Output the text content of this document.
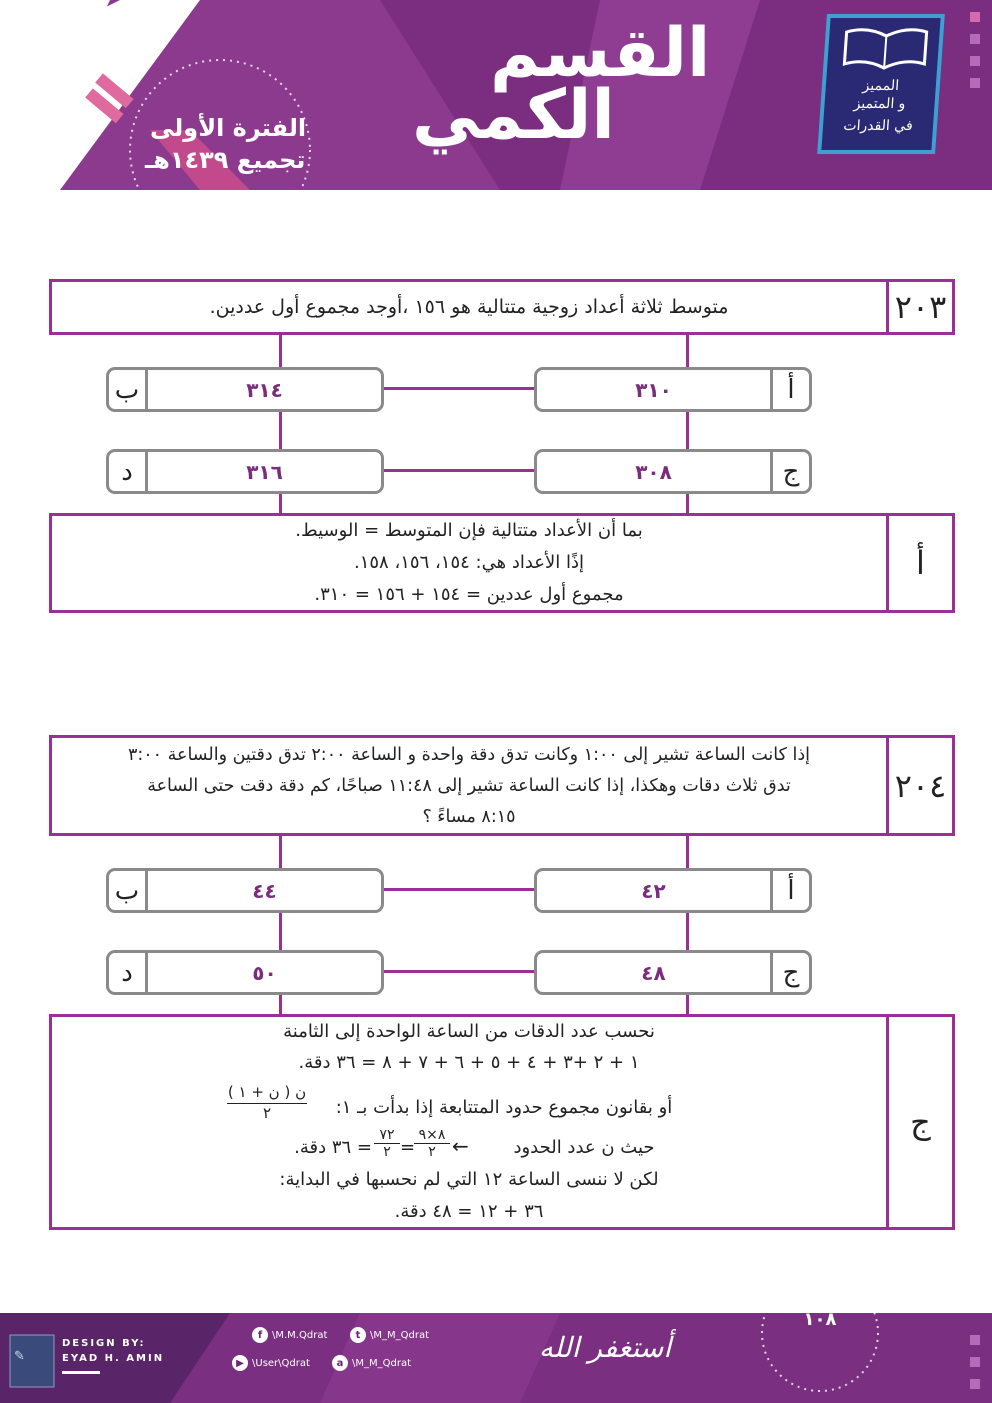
القسم
الكمي
الفترة الأولى
تجميع ١٤٣٩هـ
المميز
و المتميز
في القدرات
متوسط ثلاثة أعداد زوجية متتالية هو ١٥٦ ،أوجد مجموع أول عددين.	٢٠٣
٣١٠	أ
ب	٣١٤
٣٠٨	ج
د	٣١٦
بما أن الأعداد متتالية فإن المتوسط = الوسيط.
إذًا الأعداد هي: ١٥٤، ١٥٦، ١٥٨.
مجموع أول عددين = ١٥٤ + ١٥٦ = ٣١٠.
أ
إذا كانت الساعة تشير إلى ١:٠٠ وكانت تدق دقة واحدة و الساعة ٢:٠٠ تدق دقتين والساعة ٣:٠٠
تدق ثلاث دقات وهكذا، إذا كانت الساعة تشير إلى ١١:٤٨ صباحًا، كم دقة دقت حتى الساعة
٨:١٥ مساءً ؟
٢٠٤
٤٢	أ
ب	٤٤
٤٨	ج
د	٥٠
نحسب عدد الدقات من الساعة الواحدة إلى الثامنة
١ + ٢ +٣ + ٤ + ٥ + ٦ + ٧ + ٨ = ٣٦ دقة.
أو بقانون مجموع حدود المتتابعة إذا بدأت بـ ١:
ن ( ن + ١ )
٢
حيث ن عدد الحدود
←
٨×٩
٢
=
٧٢
٢
= ٣٦ دقة.
لكن لا ننسى الساعة ١٢ التي لم نحسبها في البداية:
٣٦ + ١٢ = ٤٨ دقة.
ج
✎
DESIGN BY:
EYAD H. AMIN
f \M.M.Qdrat	t \M_M_Qdrat
▶ \User\Qdrat	a \M_M_Qdrat	أستغفر الله
١٠٨
